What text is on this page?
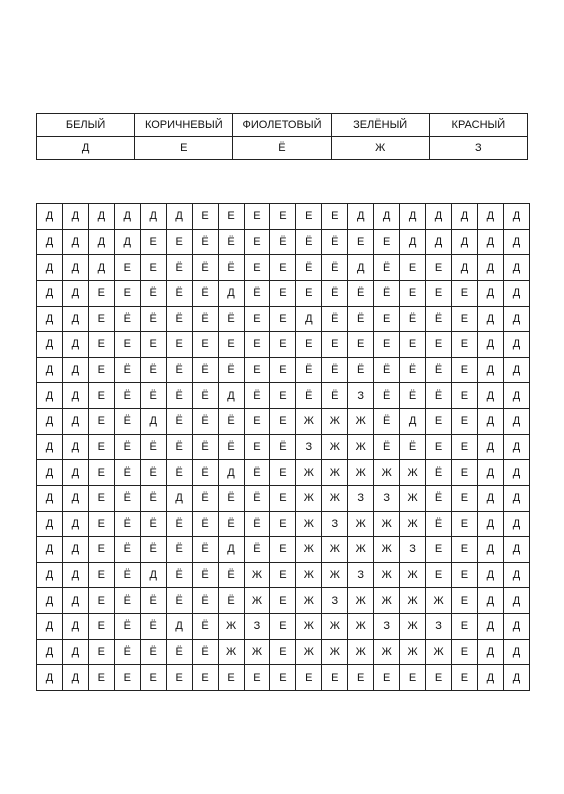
БЕЛЫЙ	КОРИЧНЕВЫЙ	ФИОЛЕТОВЫЙ	ЗЕЛЁНЫЙ	КРАСНЫЙ
Д	Е	Ё	Ж	З
Д	Д	Д	Д	Д	Д	Е	Е	Е	Е	Е	Е	Д	Д	Д	Д	Д	Д	Д
Д	Д	Д	Д	Е	Е	Ё	Ё	Е	Ё	Ё	Ё	Е	Е	Д	Д	Д	Д	Д
Д	Д	Д	Е	Е	Ё	Ё	Ё	Е	Е	Ё	Ё	Д	Ё	Е	Е	Д	Д	Д
Д	Д	Е	Е	Ё	Ё	Ё	Д	Ё	Е	Е	Ё	Ё	Ё	Е	Е	Е	Д	Д
Д	Д	Е	Ё	Ё	Ё	Ё	Ё	Е	Е	Д	Ё	Ё	Е	Ё	Ё	Е	Д	Д
Д	Д	Е	Е	Е	Е	Е	Е	Е	Е	Е	Е	Е	Е	Е	Е	Е	Д	Д
Д	Д	Е	Ё	Ё	Ё	Ё	Ё	Е	Е	Ё	Ё	Ё	Ё	Ё	Ё	Е	Д	Д
Д	Д	Е	Ё	Ё	Ё	Ё	Д	Ё	Е	Ё	Ё	З	Ё	Ё	Ё	Е	Д	Д
Д	Д	Е	Ё	Д	Ё	Ё	Ё	Е	Е	Ж	Ж	Ж	Ё	Д	Е	Е	Д	Д
Д	Д	Е	Ё	Ё	Ё	Ё	Ё	Е	Ё	З	Ж	Ж	Ё	Ё	Е	Е	Д	Д
Д	Д	Е	Ё	Ё	Ё	Ё	Д	Ё	Е	Ж	Ж	Ж	Ж	Ж	Ё	Е	Д	Д
Д	Д	Е	Ё	Ё	Д	Ё	Ё	Ё	Е	Ж	Ж	З	З	Ж	Ё	Е	Д	Д
Д	Д	Е	Ё	Ё	Ё	Ё	Ё	Ё	Е	Ж	З	Ж	Ж	Ж	Ё	Е	Д	Д
Д	Д	Е	Ё	Ё	Ё	Ё	Д	Ё	Е	Ж	Ж	Ж	Ж	З	Е	Е	Д	Д
Д	Д	Е	Ё	Д	Ё	Ё	Ё	Ж	Е	Ж	Ж	З	Ж	Ж	Е	Е	Д	Д
Д	Д	Е	Ё	Ё	Ё	Ё	Ё	Ж	Е	Ж	З	Ж	Ж	Ж	Ж	Е	Д	Д
Д	Д	Е	Ё	Ё	Д	Ё	Ж	З	Е	Ж	Ж	Ж	З	Ж	З	Е	Д	Д
Д	Д	Е	Ё	Ё	Ё	Ё	Ж	Ж	Е	Ж	Ж	Ж	Ж	Ж	Ж	Е	Д	Д
Д	Д	Е	Е	Е	Е	Е	Е	Е	Е	Е	Е	Е	Е	Е	Е	Е	Д	Д
